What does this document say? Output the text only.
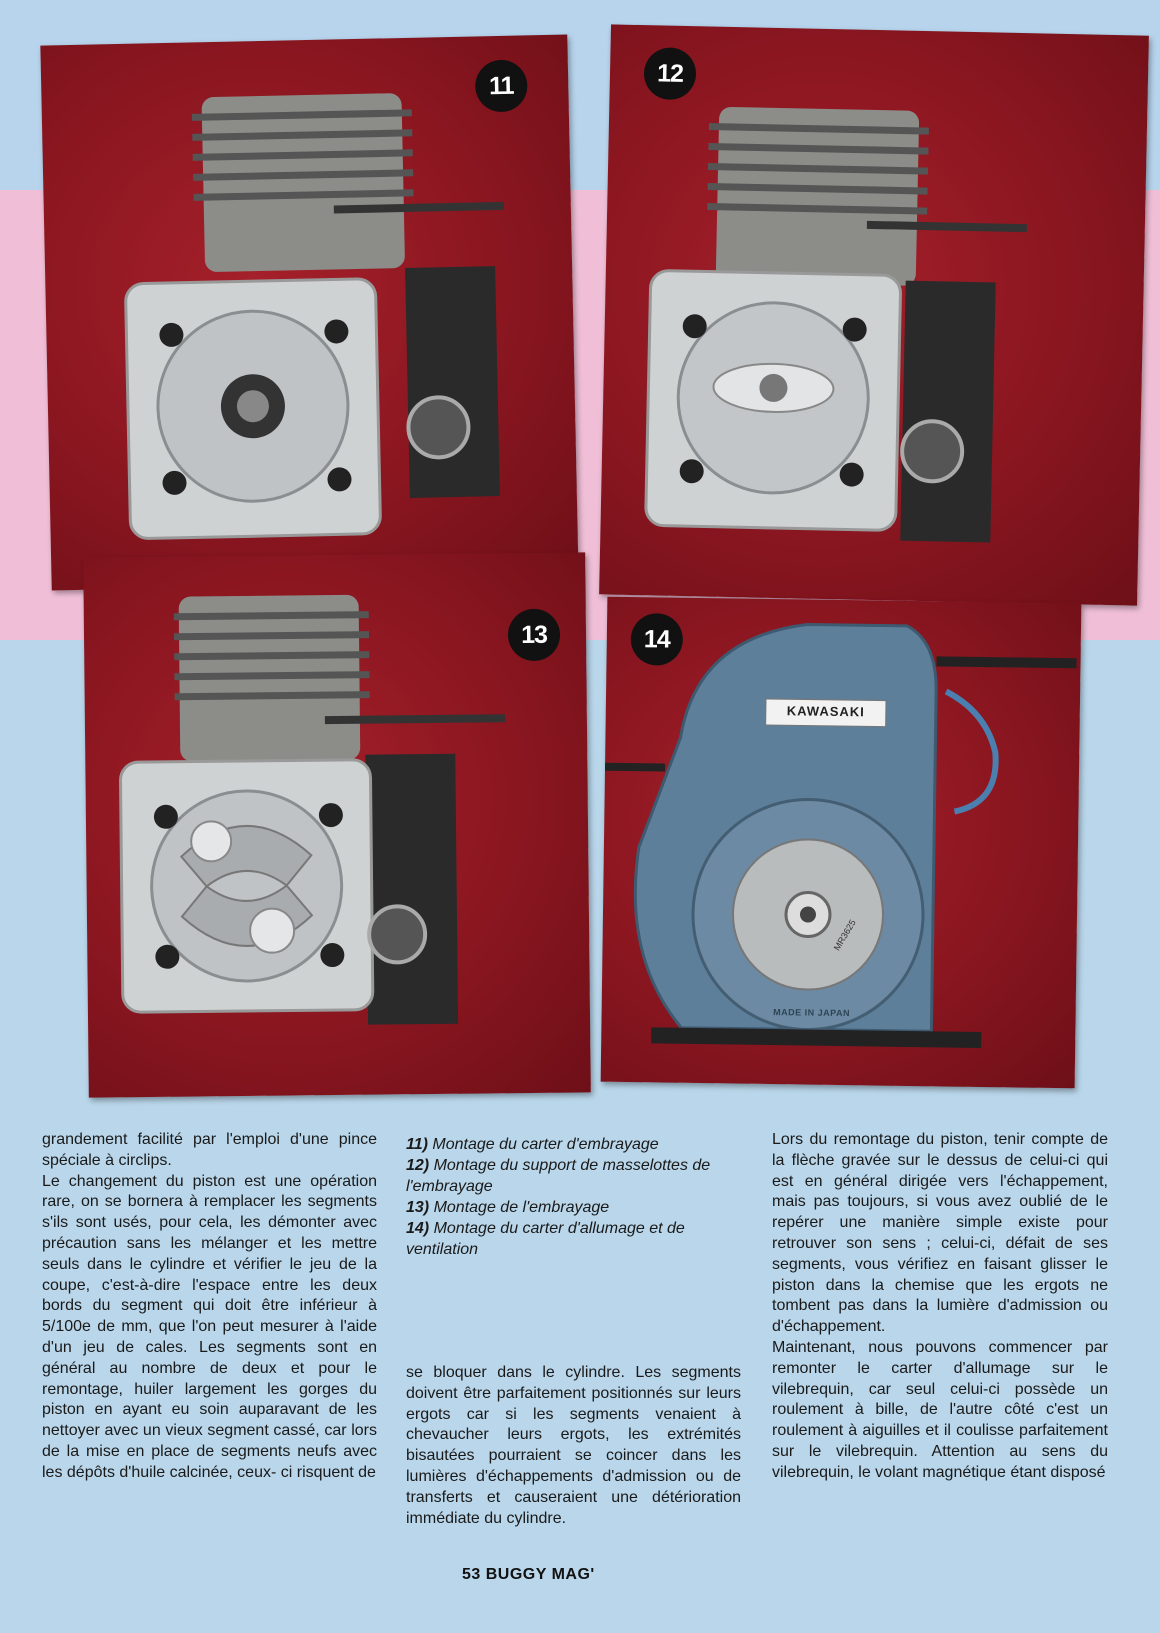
11	12
13
KAWASAKI
MADE IN JAPAN
MR3625
14

grandement facilité par l'emploi d'une pince spéciale à circlips.

Le changement du piston est une opération rare, on se bornera à remplacer les segments s'ils sont usés, pour cela, les démonter avec précaution sans les mélanger et les mettre seuls dans le cylindre et vérifier le jeu de la coupe, c'est-à-dire l'espace entre les deux bords du segment qui doit être inférieur à 5/100e de mm, que l'on peut mesurer à l'aide d'un jeu de cales. Les segments sont en général au nombre de deux et pour le remontage, huiler largement les gorges du piston en ayant eu soin auparavant de les nettoyer avec un vieux segment cassé, car lors de la mise en place de segments neufs avec les dépôts d'huile calcinée, ceux- ci risquent de

11) Montage du carter d'embrayage

12) Montage du support de masselottes de l'embrayage

13) Montage de l'embrayage

14) Montage du carter d'allumage et de ventilation

se bloquer dans le cylindre. Les segments doivent être parfaitement positionnés sur leurs ergots car si les segments venaient à chevaucher leurs ergots, les extrémités bisautées pourraient se coincer dans les lumières d'échappements d'admission ou de transferts et causeraient une détérioration immédiate du cylindre.

Lors du remontage du piston, tenir compte de la flèche gravée sur le dessus de celui-ci qui est en général dirigée vers l'échappement, mais pas toujours, si vous avez oublié de le repérer une manière simple existe pour retrouver son sens ; celui-ci, défait de ses segments, vous vérifiez en faisant glisser le piston dans la chemise que les ergots ne tombent pas dans la lumière d'admission ou d'échappement.

Maintenant, nous pouvons commencer par remonter le carter d'allumage sur le vilebrequin, car seul celui-ci possède un roulement à bille, de l'autre côté c'est un roulement à aiguilles et il coulisse parfaitement sur le vilebrequin. Attention au sens du vilebrequin, le volant magnétique étant disposé

53 BUGGY MAG'
